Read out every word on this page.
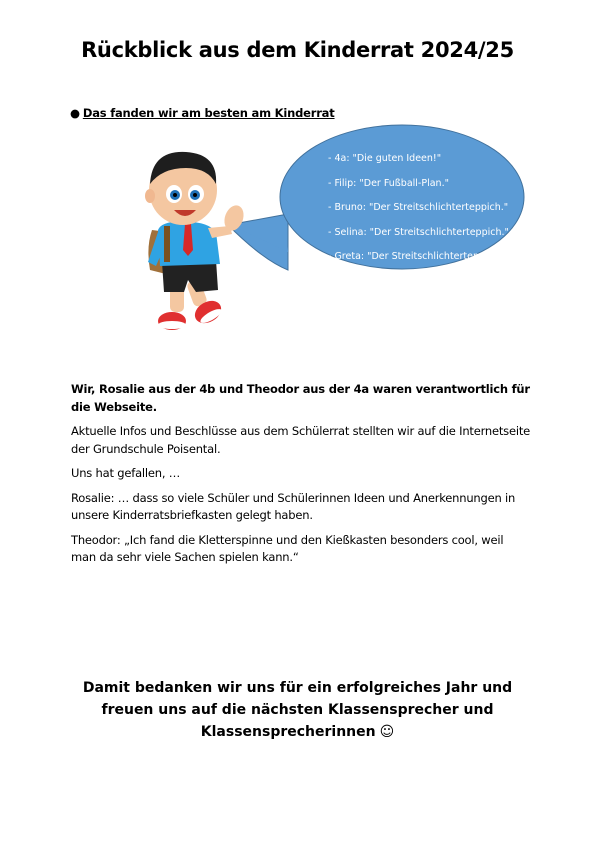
Rückblick aus dem Kinderrat 2024/25
● Das fanden wir am besten am Kinderrat
- 4a: "Die guten Ideen!"
- Filip: "Der Fußball-Plan."
- Bruno: "Der Streitschlichterteppich."
- Selina: "Der Streitschlichterteppich."
- Greta: "Der Streitschlichterteppich."

Wir, Rosalie aus der 4b und Theodor aus der 4a waren verantwortlich für die Webseite.

Aktuelle Infos und Beschlüsse aus dem Schülerrat stellten wir auf die Internetseite der Grundschule Poisental.

Uns hat gefallen, …

Rosalie: … dass so viele Schüler und Schülerinnen Ideen und Anerkennungen in unsere Kinderratsbriefkasten gelegt haben.

Theodor: „Ich fand die Kletterspinne und den Kießkasten besonders cool, weil man da sehr viele Sachen spielen kann.“

Damit bedanken wir uns für ein erfolgreiches Jahr und freuen uns auf die nächsten Klassensprecher und Klassensprecherinnen ☺
